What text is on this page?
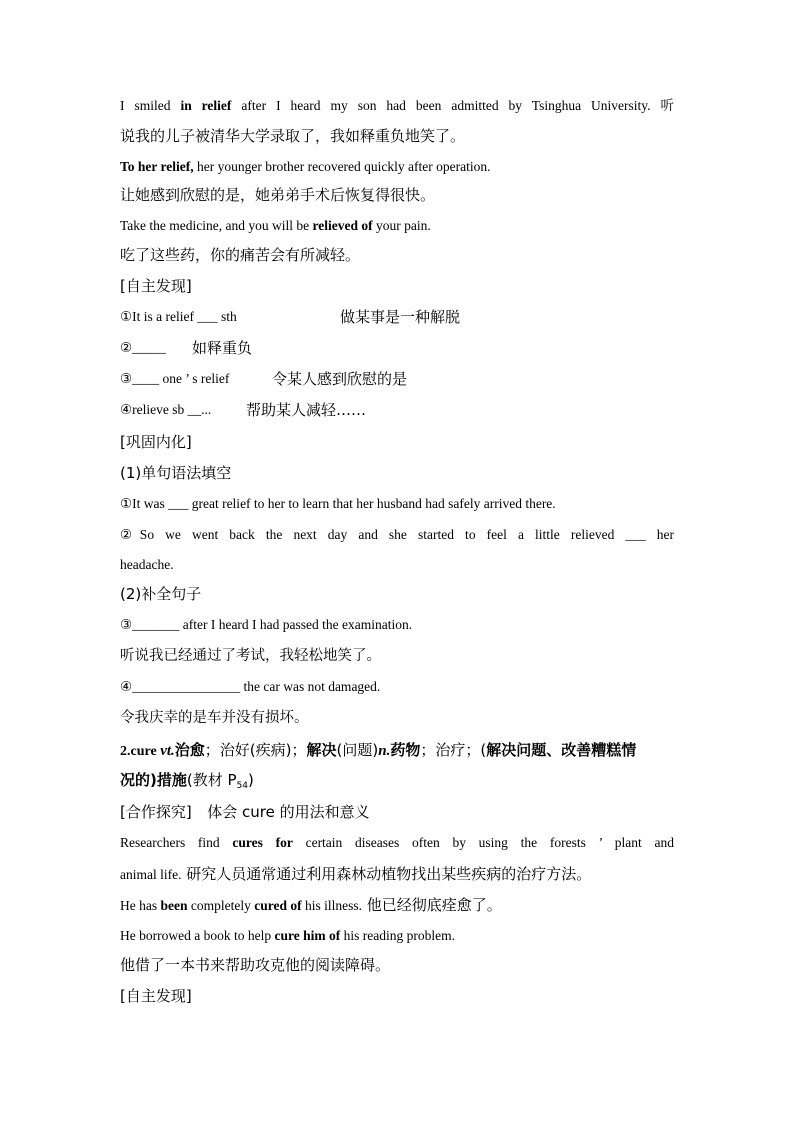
I smiled in relief after I heard my son had been admitted by Tsinghua University. 听
说我的儿子被清华大学录取了，我如释重负地笑了。
To her relief, her younger brother recovered quickly after operation.
让她感到欣慰的是，她弟弟手术后恢复得很快。
Take the medicine, and you will be relieved of your pain.
吃了这些药，你的痛苦会有所减轻。
[自主发现]
①It is a relief ___ sth	做某事是一种解脱
②_____ 如释重负
③____ one ’ s relief	令某人感到欣慰的是
④relieve sb __... 帮助某人减轻……
[巩固内化]
(1)单句语法填空
①It was ___ great relief to her to learn that her husband had safely arrived there.
②So we went back the next day and she started to feel a little relieved ___ her
headache.
(2)补全句子
③_______ after I heard I had passed the examination.
听说我已经通过了考试，我轻松地笑了。
④________________ the car was not damaged.
令我庆幸的是车并没有损坏。
2.cure vt.治愈；治好(疾病)；解决(问题)n.药物；治疗；(解决问题、改善糟糕情
况的)措施(教材 $P_{54}$)
[合作探究] 体会 cure 的用法和意义
Researchers find cures for certain diseases often by using the forests ’ plant and
animal life. 研究人员通常通过利用森林动植物找出某些疾病的治疗方法。
He has been completely cured of his illness. 他已经彻底痊愈了。
He borrowed a book to help cure him of his reading problem.
他借了一本书来帮助攻克他的阅读障碍。
[自主发现]
